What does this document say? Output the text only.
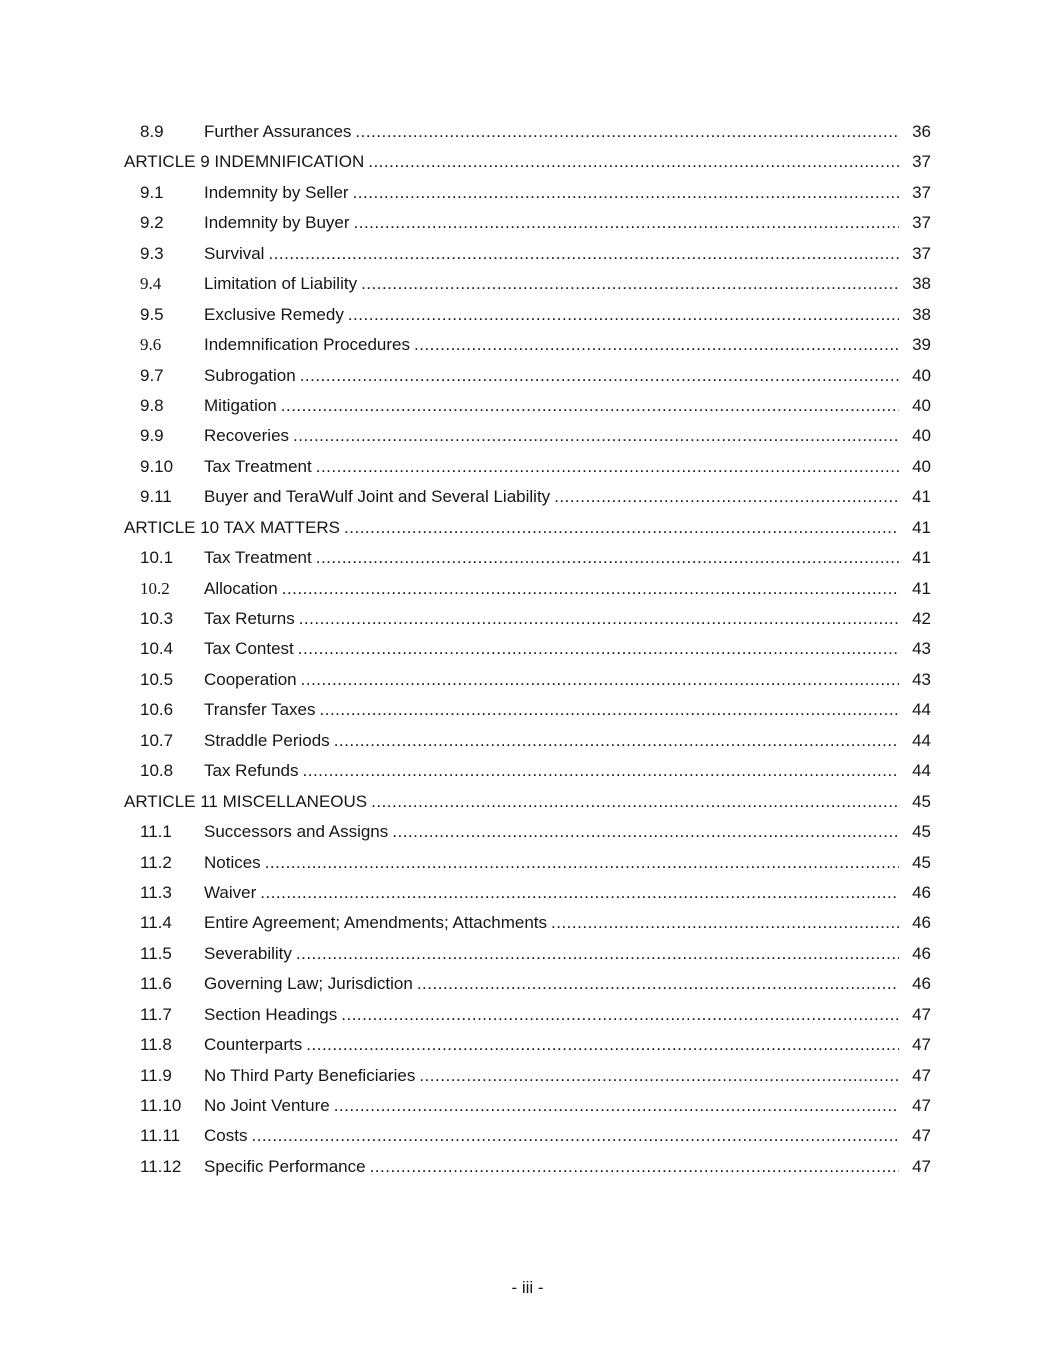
8.9	Further Assurances .....	36
ARTICLE 9 INDEMNIFICATION .....	37
9.1	Indemnity by Seller .....	37
9.2	Indemnity by Buyer .....	37
9.3	Survival .....	37
9.4	Limitation of Liability .....	38
9.5	Exclusive Remedy .....	38
9.6	Indemnification Procedures .....	39
9.7	Subrogation .....	40
9.8	Mitigation .....	40
9.9	Recoveries .....	40
9.10	Tax Treatment .....	40
9.11	Buyer and TeraWulf Joint and Several Liability .....	41
ARTICLE 10 TAX MATTERS .....	41
10.1	Tax Treatment .....	41
10.2	Allocation .....	41
10.3	Tax Returns .....	42
10.4	Tax Contest .....	43
10.5	Cooperation .....	43
10.6	Transfer Taxes .....	44
10.7	Straddle Periods .....	44
10.8	Tax Refunds .....	44
ARTICLE 11 MISCELLANEOUS .....	45
11.1	Successors and Assigns .....	45
11.2	Notices .....	45
11.3	Waiver .....	46
11.4	Entire Agreement; Amendments; Attachments .....	46
11.5	Severability .....	46
11.6	Governing Law; Jurisdiction .....	46
11.7	Section Headings .....	47
11.8	Counterparts .....	47
11.9	No Third Party Beneficiaries .....	47
11.10	No Joint Venture .....	47
11.11	Costs .....	47
11.12	Specific Performance .....	47
- iii -
